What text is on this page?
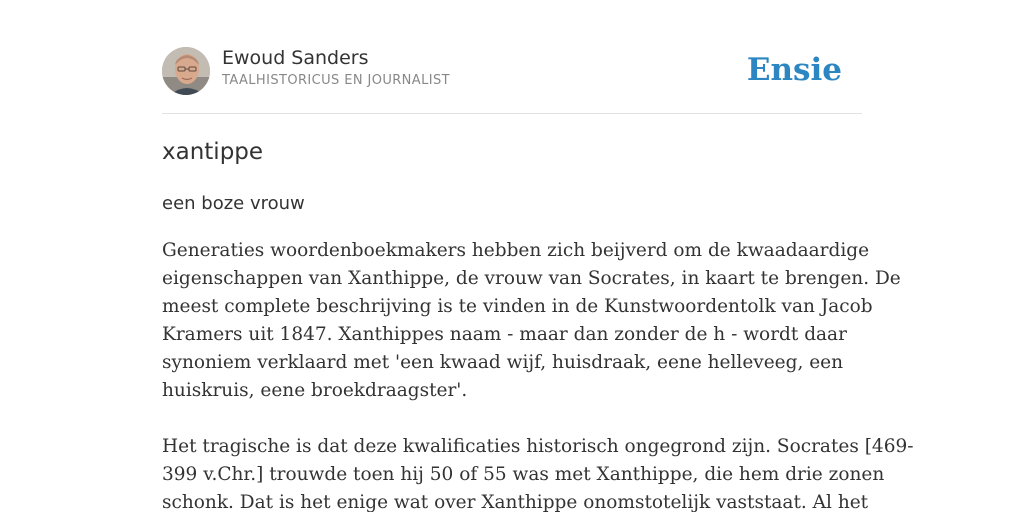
Ewoud Sanders
TAALHISTORICUS EN JOURNALIST	Ensie
xantippe
een boze vrouw

Generaties woordenboekmakers hebben zich beijverd om de kwaadaardige
eigenschappen van Xanthippe, de vrouw van Socrates, in kaart te brengen. De
meest complete beschrijving is te vinden in de Kunstwoordentolk van Jacob
Kramers uit 1847. Xanthippes naam - maar dan zonder de h - wordt daar
synoniem verklaard met 'een kwaad wijf, huisdraak, eene helleveeg, een
huiskruis, eene broekdraagster'.

Het tragische is dat deze kwalificaties historisch ongegrond zijn. Socrates [469-
399 v.Chr.] trouwde toen hij 50 of 55 was met Xanthippe, die hem drie zonen
schonk. Dat is het enige wat over Xanthippe onomstotelijk vaststaat. Al het
